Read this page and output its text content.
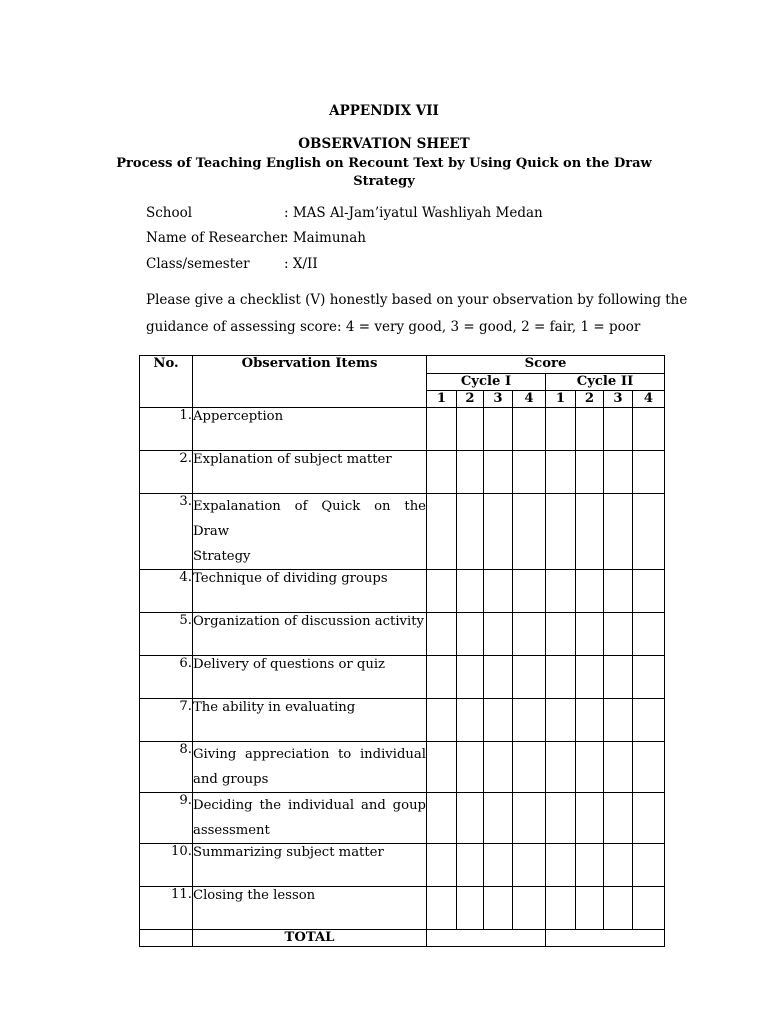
APPENDIX VII
OBSERVATION SHEET
Process of Teaching English on Recount Text by Using Quick on the Draw
Strategy
School	: MAS Al-Jam’iyatul Washliyah Medan
Name of Researcher
: Maimunah
Class/semester	: X/II
Please give a checklist (V) honestly based on your observation by following the
guidance of assessing score: 4 = very good, 3 = good, 2 = fair, 1 = poor
No.	Observation Items	Score							
		Cycle I				Cycle II			
		1	2	3	4	1	2	3	4
1.	Apperception								

2.	Explanation of subject matter								

3.	Expalanation of Quick on the Draw
Strategy								

4.	Technique of dividing groups								

5.	Organization of discussion activity								

6.	Delivery of questions or quiz								

7.	The ability in evaluating								

8.	Giving appreciation to individual
and groups								

9.	Deciding the individual and goup
assessment								

10.	Summarizing subject matter								

11.	Closing the lesson								

	TOTAL								
